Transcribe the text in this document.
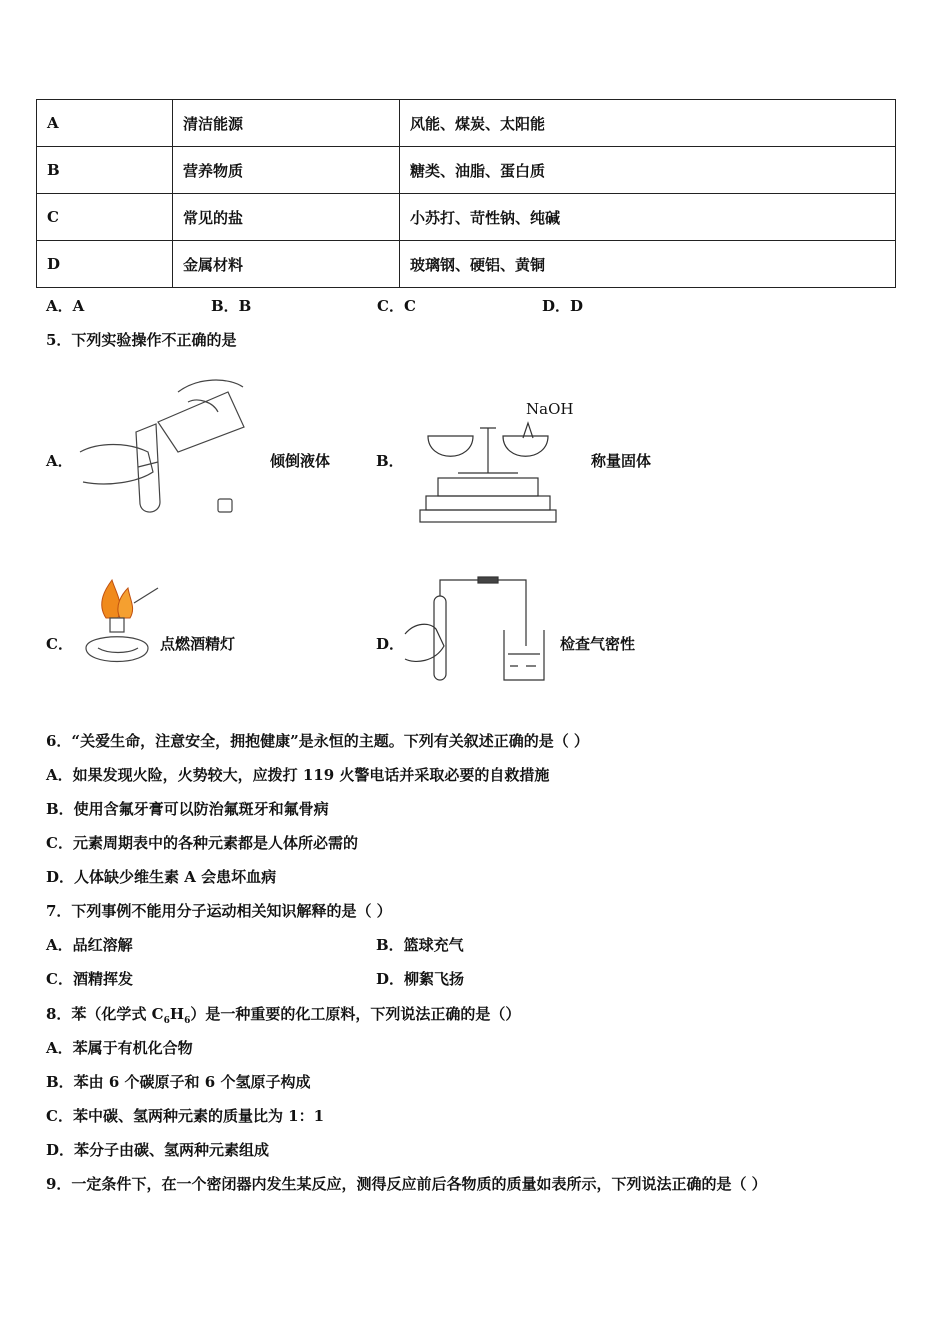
A	清洁能源	风能、煤炭、太阳能
B	营养物质	糖类、油脂、蛋白质
C	常见的盐	小苏打、苛性钠、纯碱
D	金属材料	玻璃钢、硬铝、黄铜
A．A	B．B	C．C	D．D
5．下列实验操作不正确的是
A．	倾倒液体	B．
NaOH
称量固体
C．	点燃酒精灯	D．	检查气密性
6．“关爱生命，注意安全，拥抱健康”是永恒的主题。下列有关叙述正确的是（ ）
A．如果发现火险，火势较大，应拨打 119 火警电话并采取必要的自救措施
B．使用含氟牙膏可以防治氟斑牙和氟骨病
C．元素周期表中的各种元素都是人体所必需的
D．人体缺少维生素 A 会患坏血病
7．下列事例不能用分子运动相关知识解释的是（ ）
A．品红溶解	B．篮球充气
C．酒精挥发	D．柳絮飞扬
8．苯（化学式 $C_6H_6$）是一种重要的化工原料，下列说法正确的是（）
A．苯属于有机化合物
B．苯由 6 个碳原子和 6 个氢原子构成
C．苯中碳、氢两种元素的质量比为 1：1
D．苯分子由碳、氢两种元素组成
9．一定条件下，在一个密闭器内发生某反应，测得反应前后各物质的质量如表所示，下列说法正确的是（ ）
